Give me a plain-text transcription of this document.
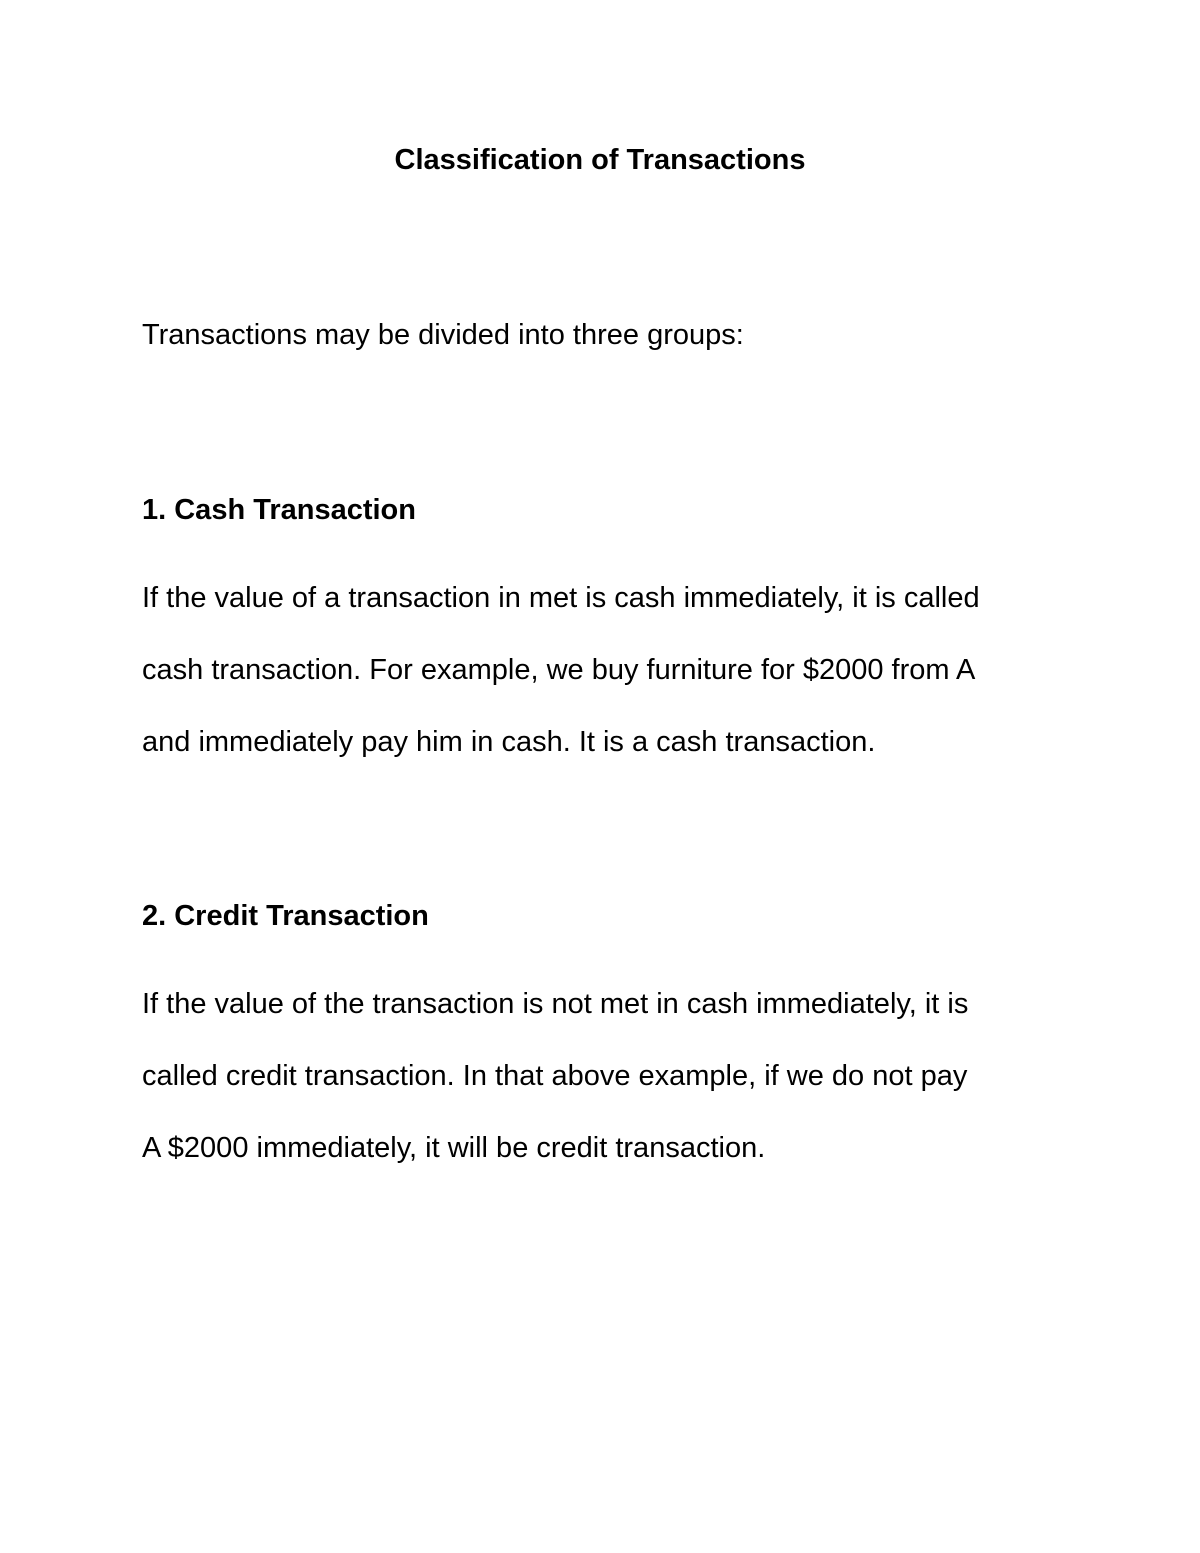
Classification of Transactions

Transactions may be divided into three groups:

1. Cash Transaction

If the value of a transaction in met is cash immediately, it is called
cash transaction. For example, we buy furniture for $2000 from A
and immediately pay him in cash. It is a cash transaction.

2. Credit Transaction

If the value of the transaction is not met in cash immediately, it is
called credit transaction. In that above example, if we do not pay
A $2000 immediately, it will be credit transaction.
